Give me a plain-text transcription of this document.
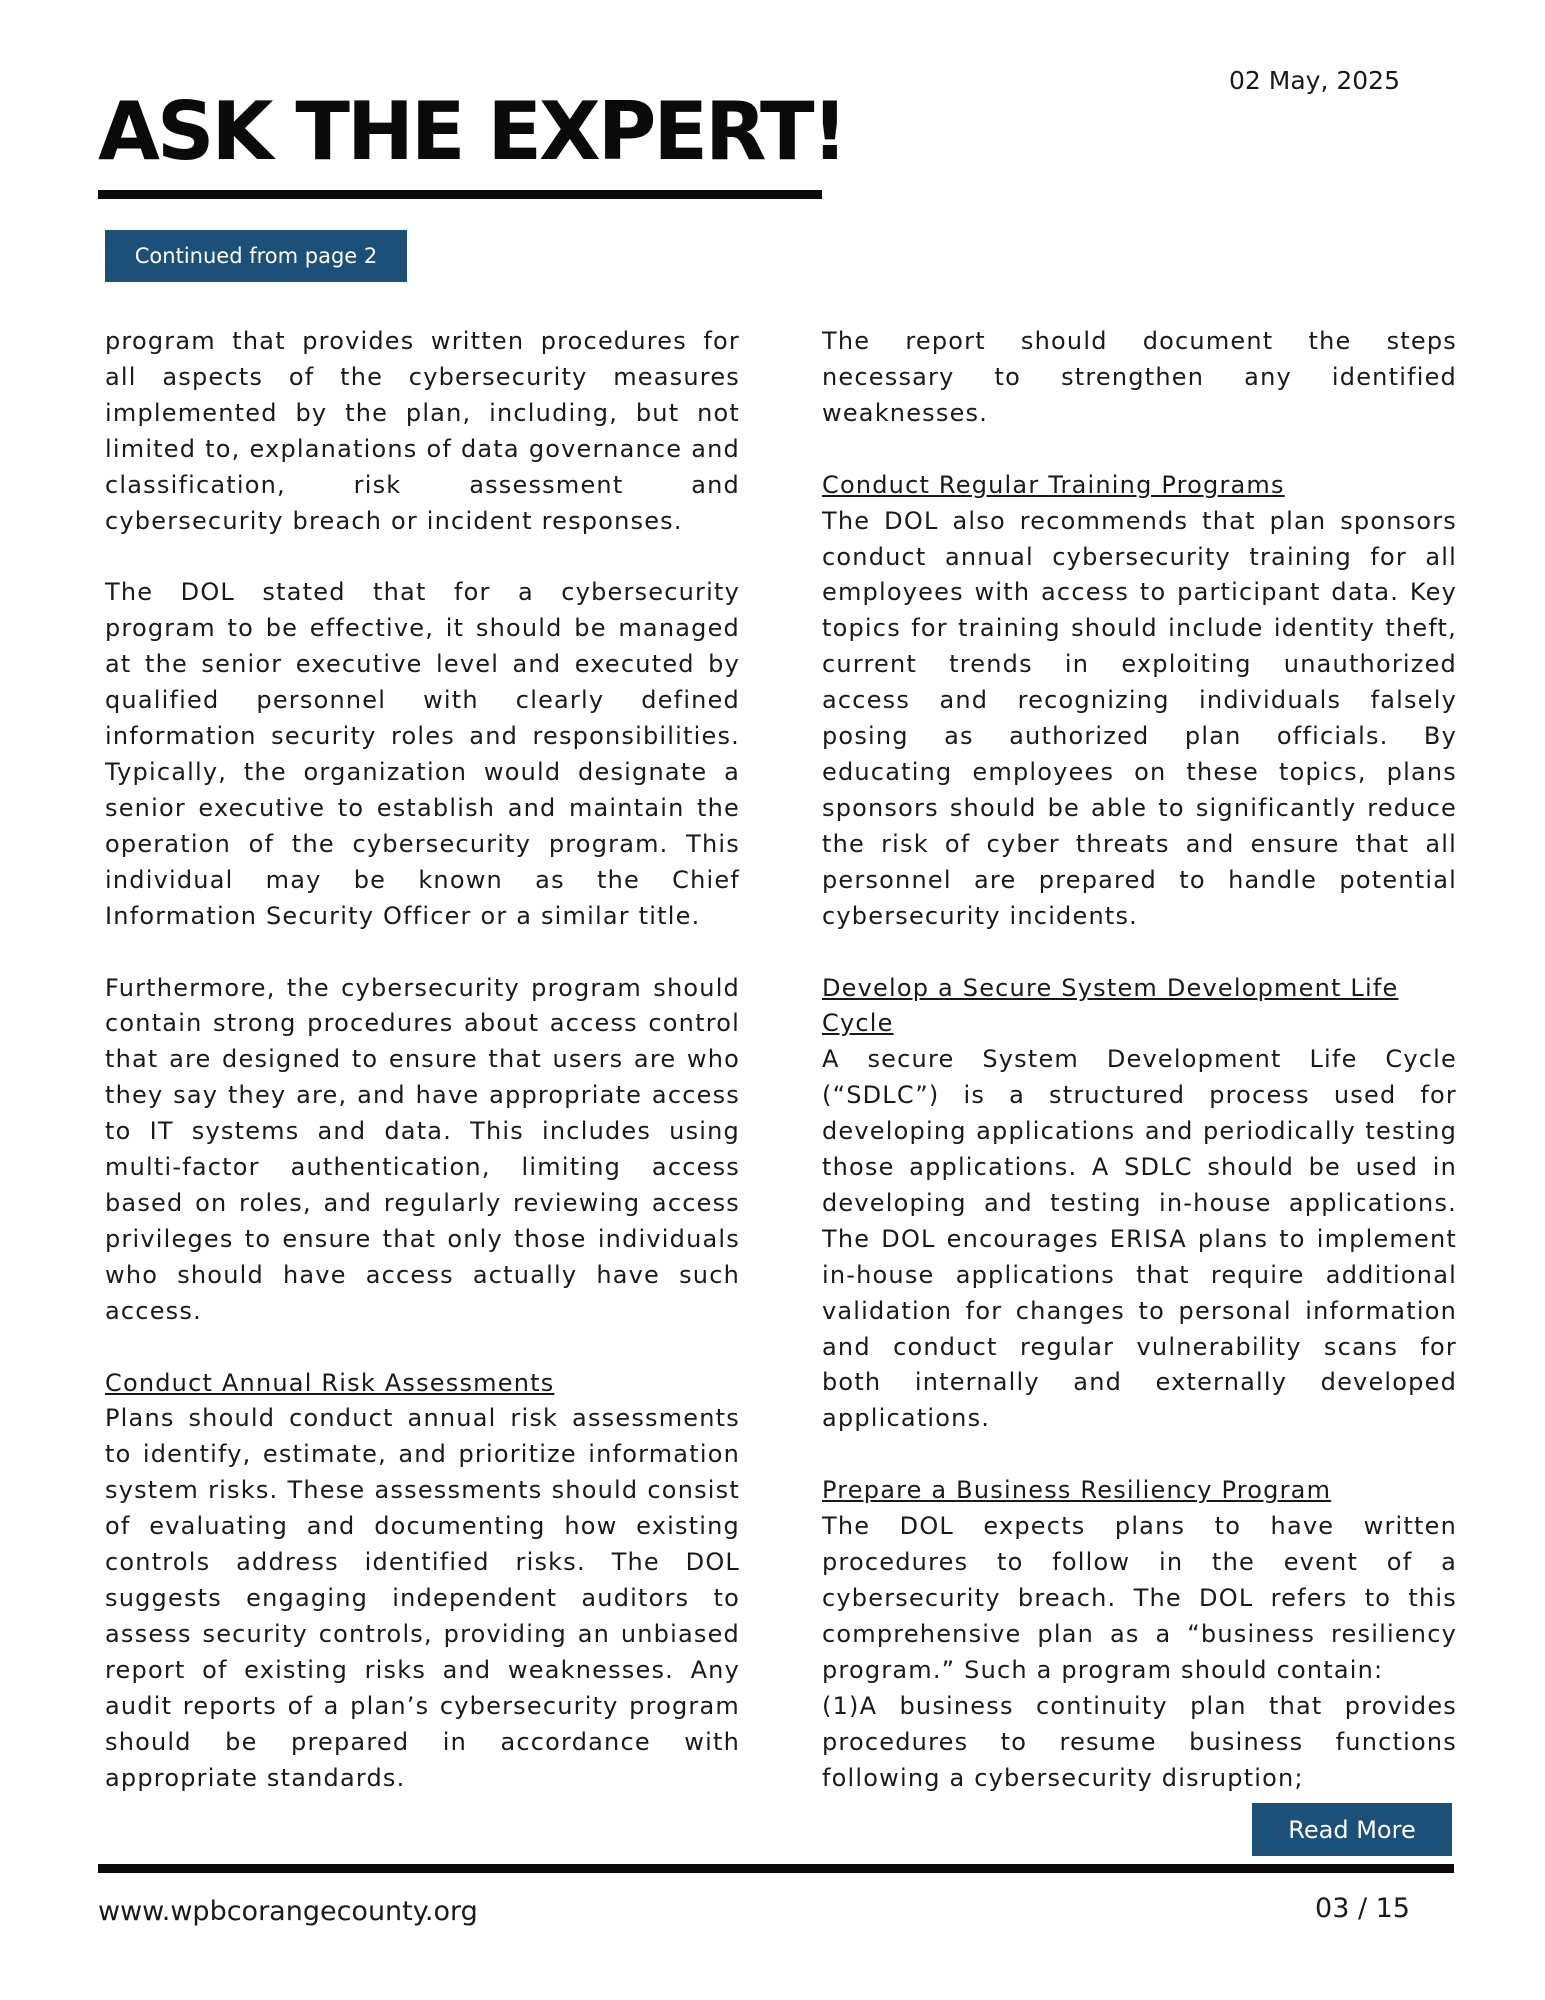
02 May, 2025
ASK THE EXPERT!
Continued from page 2

program that provides written procedures for all aspects of the cybersecurity measures implemented by the plan, including, but not limited to, explanations of data governance and classification, risk assessment and cybersecurity breach or incident responses.

The DOL stated that for a cybersecurity program to be effective, it should be managed at the senior executive level and executed by qualified personnel with clearly defined information security roles and responsibilities. Typically, the organization would designate a senior executive to establish and maintain the operation of the cybersecurity program. This individual may be known as the Chief Information Security Officer or a similar title.

Furthermore, the cybersecurity program should contain strong procedures about access control that are designed to ensure that users are who they say they are, and have appropriate access to IT systems and data. This includes using multi-factor authentication, limiting access based on roles, and regularly reviewing access privileges to ensure that only those individuals who should have access actually have such access.

Conduct Annual Risk Assessments

Plans should conduct annual risk assessments to identify, estimate, and prioritize information system risks. These assessments should consist of evaluating and documenting how existing controls address identified risks. The DOL suggests engaging independent auditors to assess security controls, providing an unbiased report of existing risks and weaknesses. Any audit reports of a plan’s cybersecurity program should be prepared in accordance with appropriate standards.

The report should document the steps necessary to strengthen any identified weaknesses.

Conduct Regular Training Programs

The DOL also recommends that plan sponsors conduct annual cybersecurity training for all employees with access to participant data. Key topics for training should include identity theft, current trends in exploiting unauthorized access and recognizing individuals falsely posing as authorized plan officials. By educating employees on these topics, plans sponsors should be able to significantly reduce the risk of cyber threats and ensure that all personnel are prepared to handle potential cybersecurity incidents.

Develop a Secure System Development Life Cycle

A secure System Development Life Cycle (“SDLC”) is a structured process used for developing applications and periodically testing those applications. A SDLC should be used in developing and testing in-house applications. The DOL encourages ERISA plans to implement in-house applications that require additional validation for changes to personal information and conduct regular vulnerability scans for both internally and externally developed applications.

Prepare a Business Resiliency Program

The DOL expects plans to have written procedures to follow in the event of a cybersecurity breach. The DOL refers to this comprehensive plan as a “business resiliency program.” Such a program should contain:

(1)A business continuity plan that provides procedures to resume business functions following a cybersecurity disruption;

Read More
www.wpbcorangecounty.org	03 / 15
